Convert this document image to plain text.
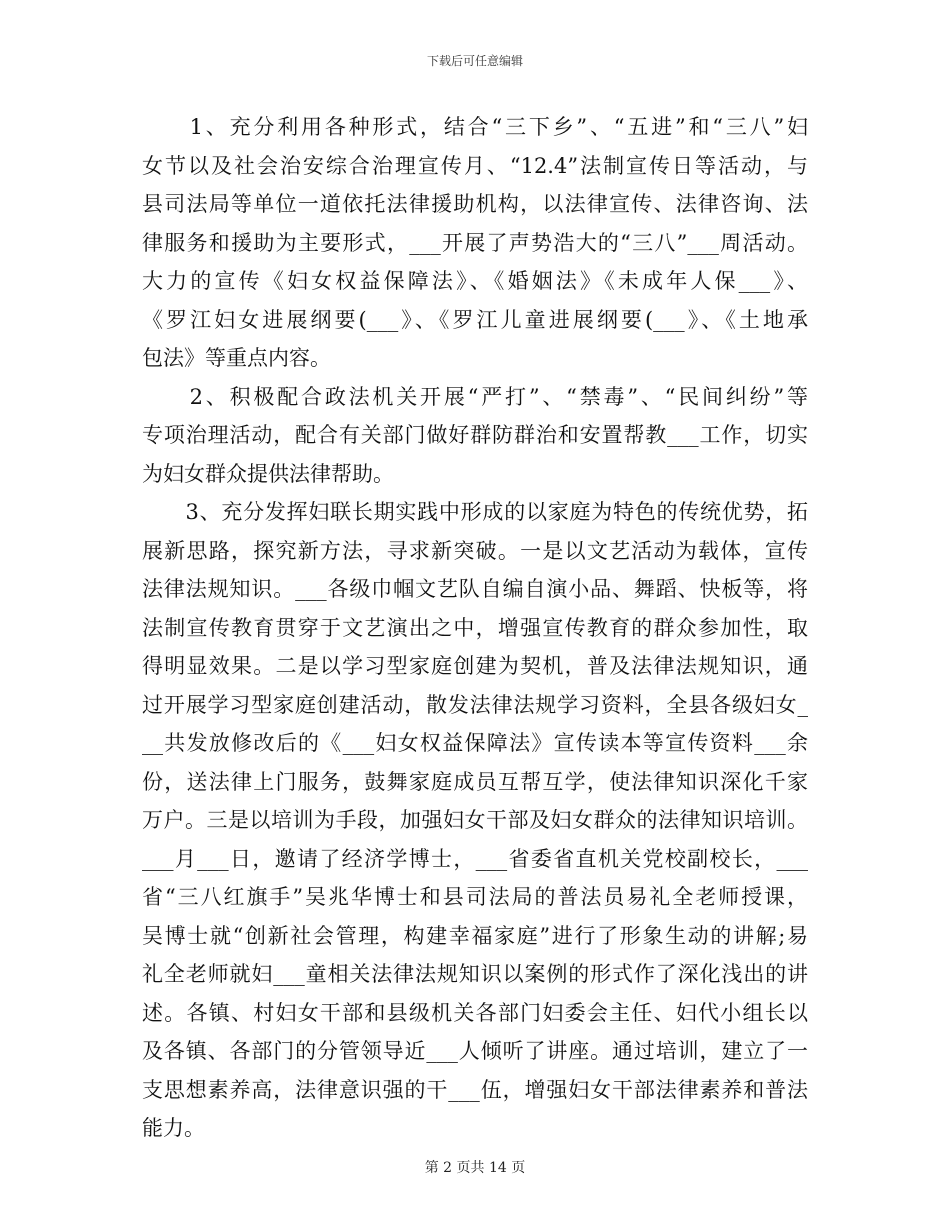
下载后可任意编辑
　　1、充分利用各种形式，结合“三下乡”、“五进”和“三八”妇
女节以及社会治安综合治理宣传月、“12.4”法制宣传日等活动，与
县司法局等单位一道依托法律援助机构，以法律宣传、法律咨询、法
律服务和援助为主要形式，___开展了声势浩大的“三八”___周活动。
大力的宣传《妇女权益保障法》、《婚姻法》《未成年人保___》、
《罗江妇女进展纲要(___》、《罗江儿童进展纲要(___》、《土地承
包法》等重点内容。
　　2、积极配合政法机关开展“严打”、“禁毒”、“民间纠纷”等
专项治理活动，配合有关部门做好群防群治和安置帮教___工作，切实
为妇女群众提供法律帮助。
　　3、充分发挥妇联长期实践中形成的以家庭为特色的传统优势，拓
展新思路，探究新方法，寻求新突破。一是以文艺活动为载体，宣传
法律法规知识。___各级巾帼文艺队自编自演小品、舞蹈、快板等，将
法制宣传教育贯穿于文艺演出之中，增强宣传教育的群众参加性，取
得明显效果。二是以学习型家庭创建为契机，普及法律法规知识，通
过开展学习型家庭创建活动，散发法律法规学习资料，全县各级妇女_
__共发放修改后的《___妇女权益保障法》宣传读本等宣传资料___余
份，送法律上门服务，鼓舞家庭成员互帮互学，使法律知识深化千家
万户。三是以培训为手段，加强妇女干部及妇女群众的法律知识培训。
___月___日，邀请了经济学博士，___省委省直机关党校副校长，___
省“三八红旗手”吴兆华博士和县司法局的普法员易礼全老师授课，
吴博士就“创新社会管理，构建幸福家庭”进行了形象生动的讲解;易
礼全老师就妇___童相关法律法规知识以案例的形式作了深化浅出的讲
述。各镇、村妇女干部和县级机关各部门妇委会主任、妇代小组长以
及各镇、各部门的分管领导近___人倾听了讲座。通过培训，建立了一
支思想素养高，法律意识强的干___伍，增强妇女干部法律素养和普法
能力。
第 2 页共 14 页
